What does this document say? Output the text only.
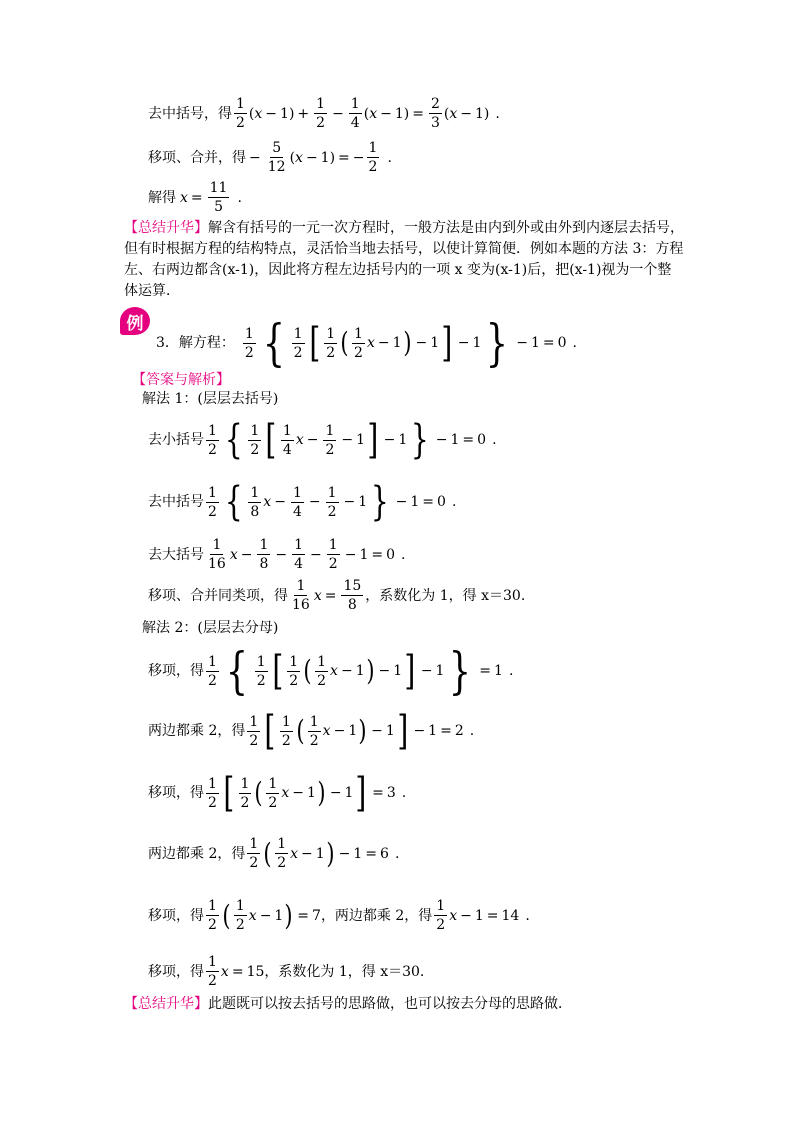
去中括号，得 $\frac{1}{2} (x - 1) + \frac{1}{2} - \frac{1}{4} (x - 1) = \frac{2}{3} (x - 1)$ .
移项、合并，得 − $\frac{5}{12} (x - 1)$ = − $\frac{1}{2}$ .
解得 $x = \frac{11}{5}$ .
【总结升华】解含有括号的一元一次方程时，一般方法是由内到外或由外到内逐层去括号，但有时根据方程的结构特点，灵活恰当地去括号，以使计算简便．例如本题的方法 3：方程左、右两边都含(x-1)，因此将方程左边括号内的一项 x 变为(x-1)后，把(x-1)视为一个整体运算．
例
3． 解方程： $\frac{1}{2}$ { $\frac{1}{2}$ [ $\frac{1}{2}$ ( $\frac{1}{2}$ x − 1 ) − 1 ] − 1 } − 1 = 0 .
【答案与解析】
解法 1：(层层去括号)
去小括号 $\frac{1}{2}$ { $\frac{1}{2}$ [ $\frac{1}{4}$ $x - \frac{1}{2} - 1$ ] − 1 } − 1 = 0 .
去中括号 $\frac{1}{2}$ { $\frac{1}{8}$ $x - \frac{1}{4} - \frac{1}{2} - 1$ } − 1 = 0 .
去大括号 $\frac{1}{16}$ $x - \frac{1}{8} - \frac{1}{4} - \frac{1}{2} - 1 = 0$ .
移项、合并同类项，得 $\frac{1}{16}$ $x = \frac{15}{8}$ ，系数化为 1，得 x＝30.
解法 2：(层层去分母)
移项，得 $\frac{1}{2}$ { $\frac{1}{2}$ [ $\frac{1}{2}$ ( $\frac{1}{2}$ x − 1 ) − 1 ] − 1 } = 1 .
两边都乘 2，得 $\frac{1}{2}$ [ $\frac{1}{2}$ ( $\frac{1}{2}$ x − 1 ) − 1 ] − 1 = 2 .
移项，得 $\frac{1}{2}$ [ $\frac{1}{2}$ ( $\frac{1}{2}$ x − 1 ) − 1 ] = 3 .
两边都乘 2，得 $\frac{1}{2}$ ( $\frac{1}{2}$ x − 1 ) − 1 = 6 .
移项，得 $\frac{1}{2}$ ( $\frac{1}{2}$ x − 1 ) = 7 ，两边都乘 2，得 $\frac{1}{2}$ x − 1 = 14 .
移项，得 $\frac{1}{2}$ x = 15 ，系数化为 1，得 x＝30.
【总结升华】此题既可以按去括号的思路做，也可以按去分母的思路做．
